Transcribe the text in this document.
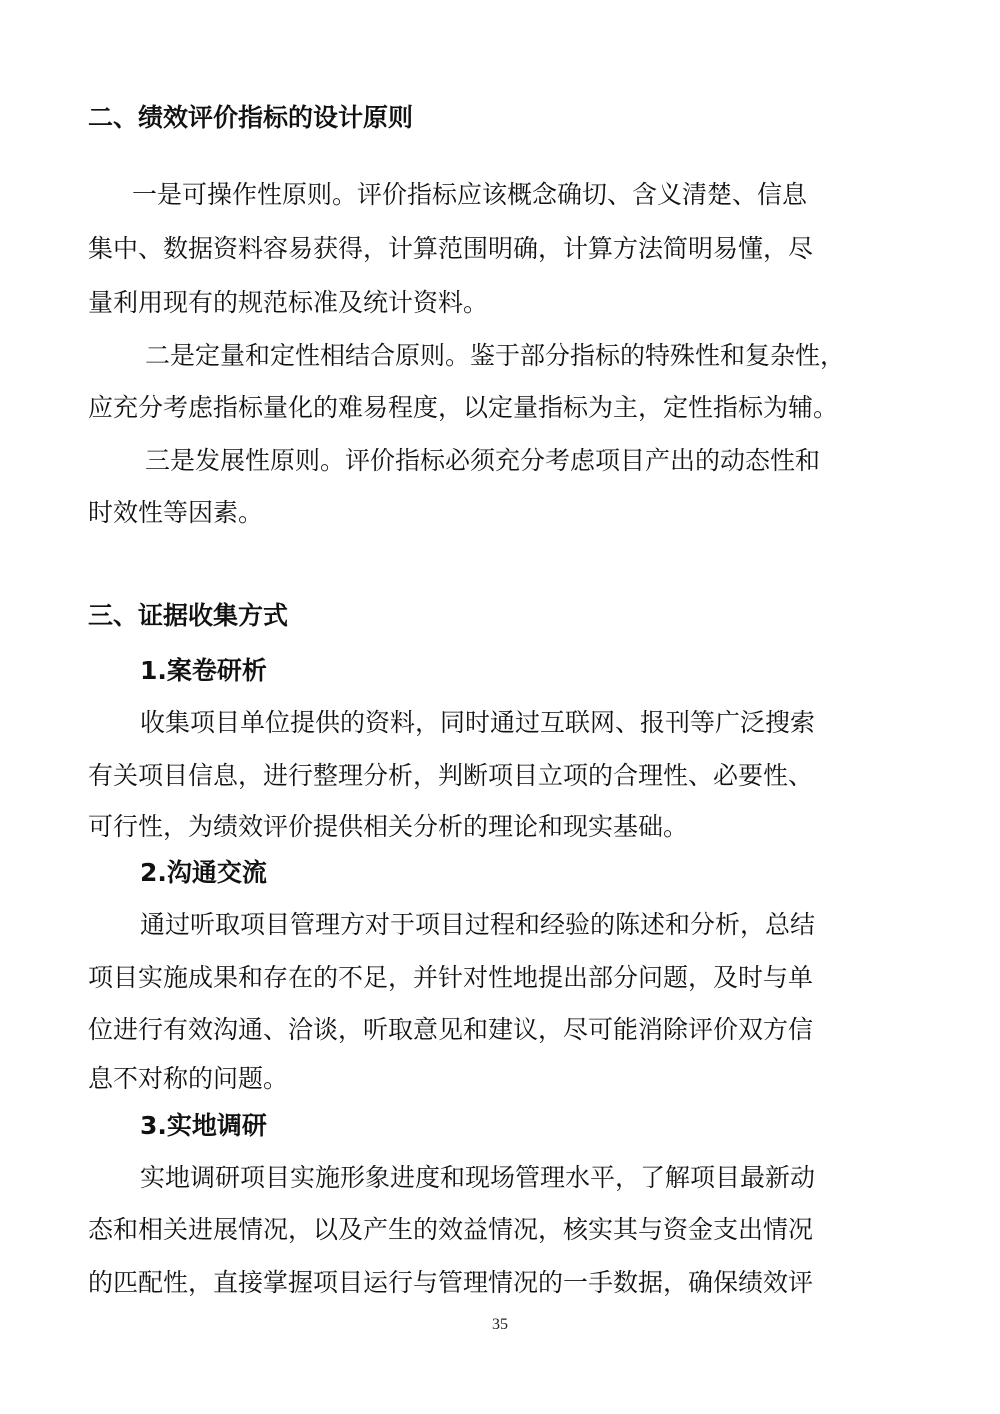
二、绩效评价指标的设计原则

一是可操作性原则。评价指标应该概念确切、含义清楚、信息

集中、数据资料容易获得，计算范围明确，计算方法简明易懂，尽

量利用现有的规范标准及统计资料。

二是定量和定性相结合原则。鉴于部分指标的特殊性和复杂性，

应充分考虑指标量化的难易程度，以定量指标为主，定性指标为辅。

三是发展性原则。评价指标必须充分考虑项目产出的动态性和

时效性等因素。

三、证据收集方式

1.案卷研析

收集项目单位提供的资料，同时通过互联网、报刊等广泛搜索

有关项目信息，进行整理分析，判断项目立项的合理性、必要性、

可行性，为绩效评价提供相关分析的理论和现实基础。

2.沟通交流

通过听取项目管理方对于项目过程和经验的陈述和分析，总结

项目实施成果和存在的不足，并针对性地提出部分问题，及时与单

位进行有效沟通、洽谈，听取意见和建议，尽可能消除评价双方信

息不对称的问题。

3.实地调研

实地调研项目实施形象进度和现场管理水平，了解项目最新动

态和相关进展情况，以及产生的效益情况，核实其与资金支出情况

的匹配性，直接掌握项目运行与管理情况的一手数据，确保绩效评

35
